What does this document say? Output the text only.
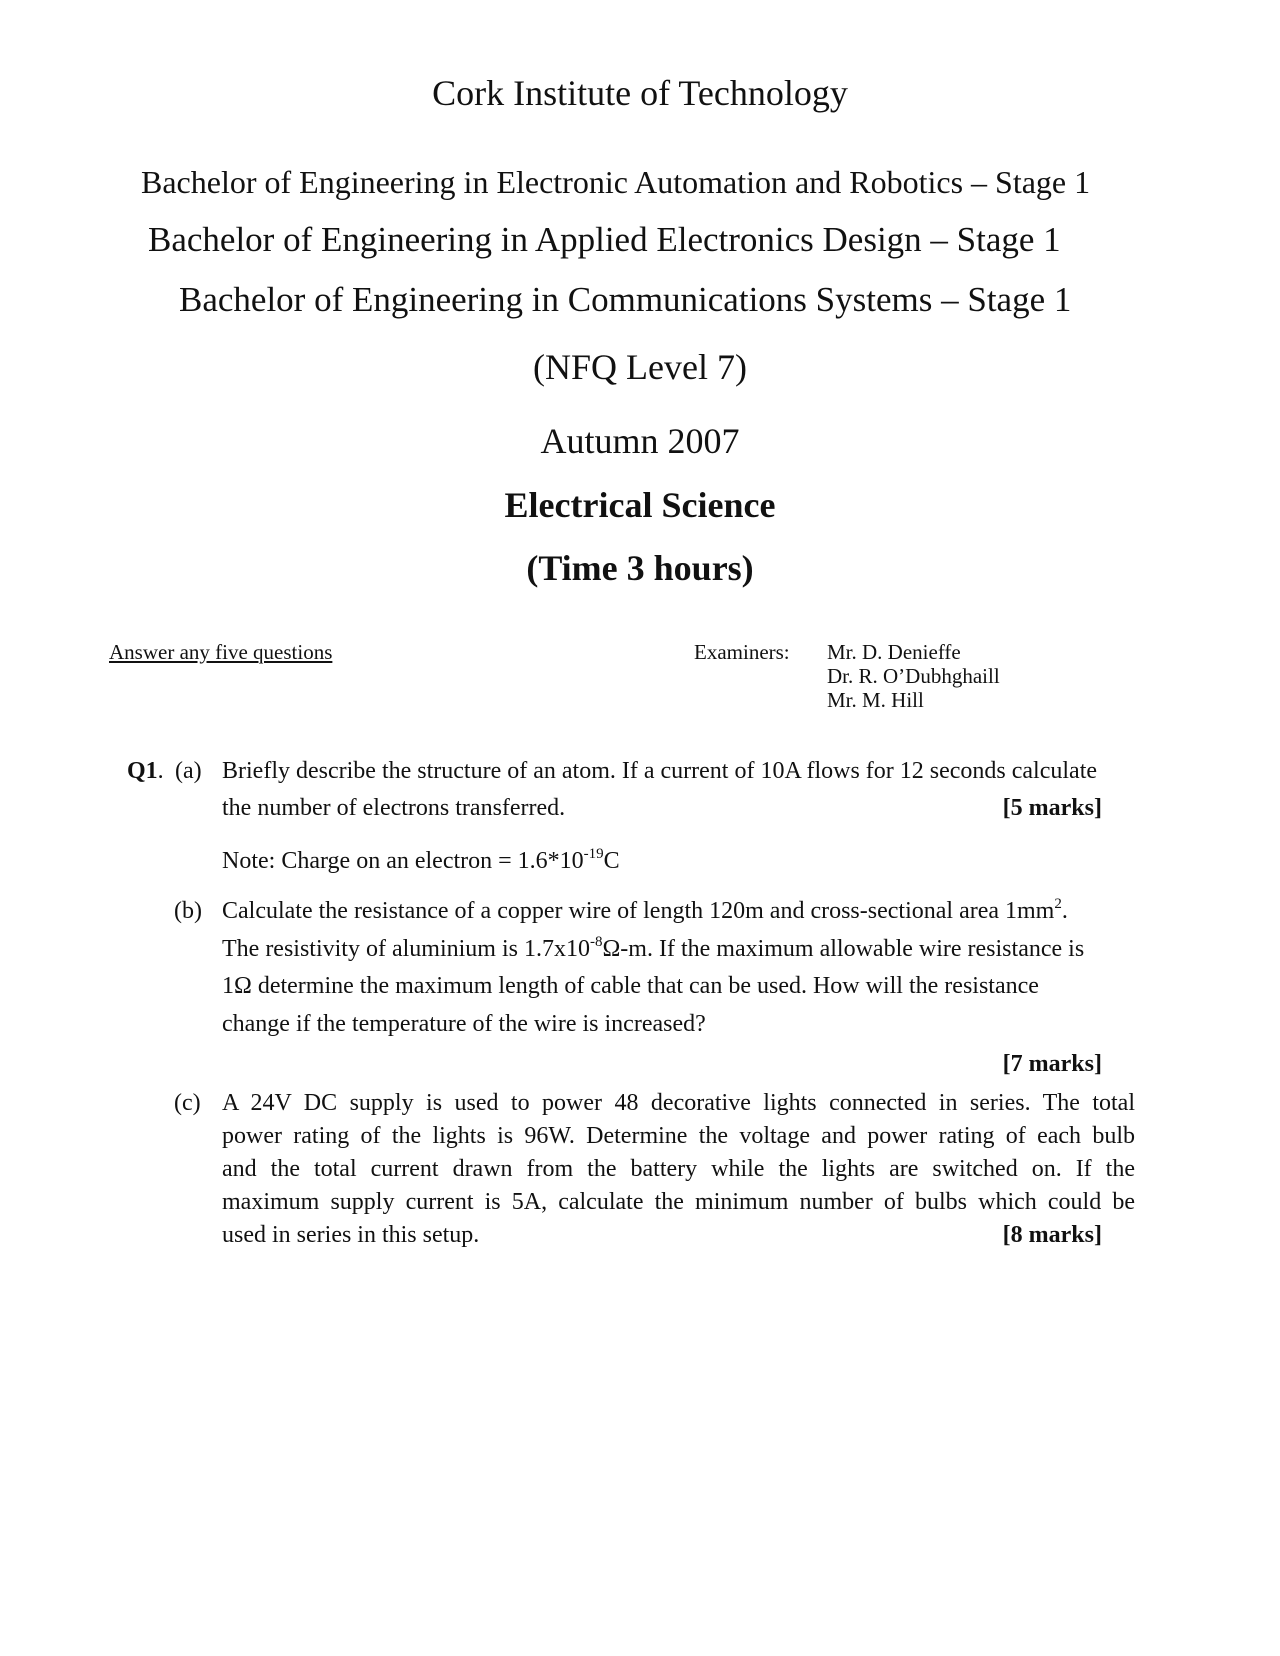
Cork Institute of Technology
Bachelor of Engineering in Electronic Automation and Robotics – Stage 1
Bachelor of Engineering in Applied Electronics Design – Stage 1
Bachelor of Engineering in Communications Systems – Stage 1
(NFQ Level 7)
Autumn 2007
Electrical Science
(Time 3 hours)
Answer any five questions	Examiners: Mr. D. Denieffe
Dr. R. O’Dubhghaill
Mr. M. Hill
Q1. (a) Briefly describe the structure of an atom. If a current of 10A flows for 12 seconds calculate
the number of electrons transferred.	[5 marks]
Note: Charge on an electron = $1.6*10^{-19}C$
(b) Calculate the resistance of a copper wire of length 120m and cross-sectional area $1mm^2$.
The resistivity of aluminium is $1.7x10^{-8}\Omega-m$. If the maximum allowable wire resistance is
1Ω determine the maximum length of cable that can be used. How will the resistance
change if the temperature of the wire is increased?
[7 marks]
(c) A 24V DC supply is used to power 48 decorative lights connected in series. The total
power rating of the lights is 96W. Determine the voltage and power rating of each bulb
and the total current drawn from the battery while the lights are switched on. If the
maximum supply current is 5A, calculate the minimum number of bulbs which could be
used in series in this setup.	[8 marks]
